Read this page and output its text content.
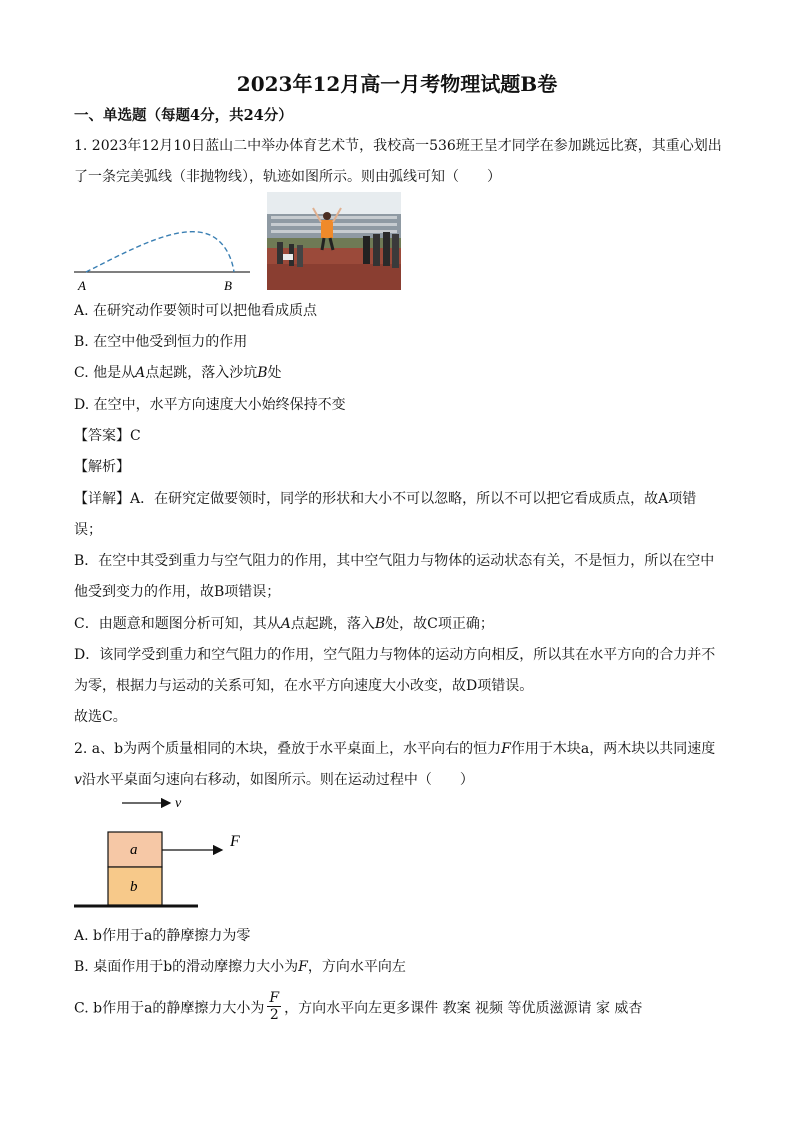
2023年12月高一月考物理试题B卷
一、单选题（每题4分，共24分）
1. 2023年12月10日蓝山二中举办体育艺术节，我校高一536班王呈才同学在参加跳远比赛，其重心划出
了一条完美弧线（非抛物线），轨迹如图所示。则由弧线可知（　　）
A	B
A. 在研究动作要领时可以把他看成质点
B. 在空中他受到恒力的作用
C. 他是从A点起跳，落入沙坑B处
D. 在空中，水平方向速度大小始终保持不变
【答案】C
【解析】
【详解】A．在研究定做要领时，同学的形状和大小不可以忽略，所以不可以把它看成质点，故A项错
误；
B．在空中其受到重力与空气阻力的作用，其中空气阻力与物体的运动状态有关，不是恒力，所以在空中
他受到变力的作用，故B项错误；
C．由题意和题图分析可知，其从A点起跳，落入B处，故C项正确；
D．该同学受到重力和空气阻力的作用，空气阻力与物体的运动方向相反，所以其在水平方向的合力并不
为零，根据力与运动的关系可知，在水平方向速度大小改变，故D项错误。
故选C。
2. a、b为两个质量相同的木块，叠放于水平桌面上，水平向右的恒力F作用于木块a，两木块以共同速度
v沿水平桌面匀速向右移动，如图所示。则在运动过程中（　　）
v
a
b
F
A. b作用于a的静摩擦力为零
B. 桌面作用于b的滑动摩擦力大小为F，方向水平向左
C. b作用于a的静摩擦力大小为 $\frac{F}{2}$ ，方向水平向左更多课件 教案 视频 等优质滋源请 家 威杏
